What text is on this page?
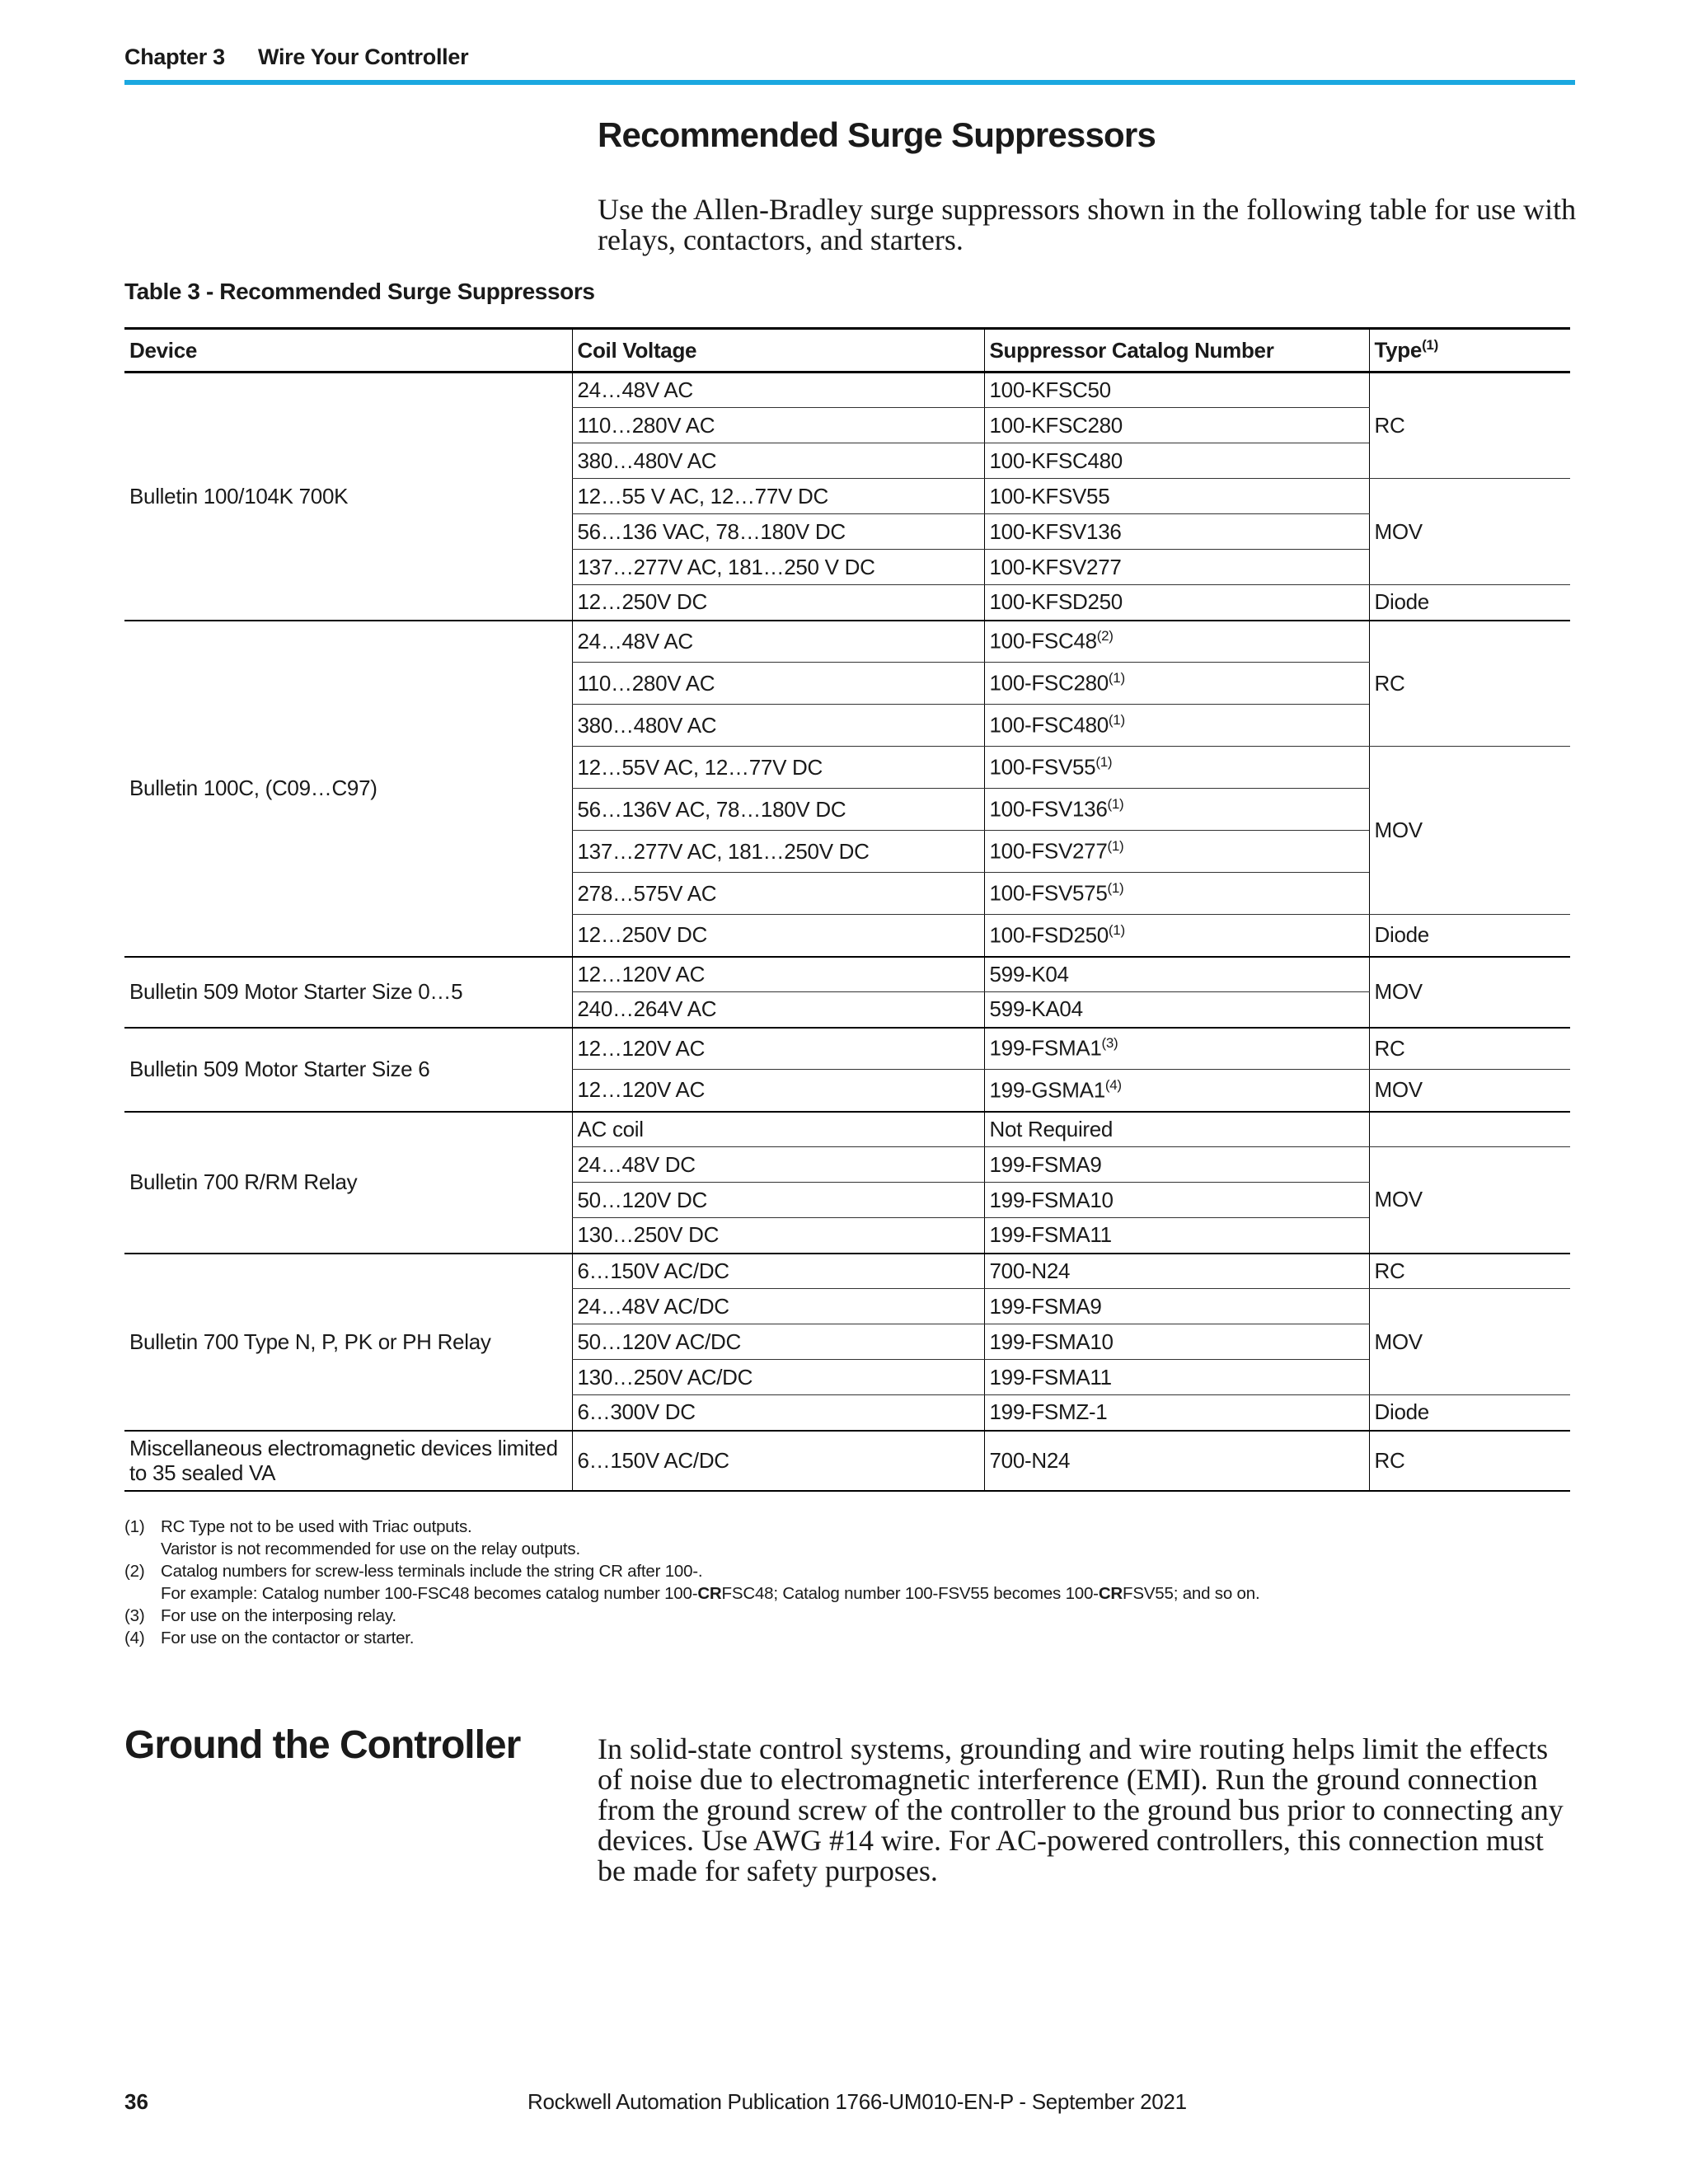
Chapter 3 Wire Your Controller
Recommended Surge Suppressors
Use the Allen-Bradley surge suppressors shown in the following table for use with relays, contactors, and starters.
Table 3 - Recommended Surge Suppressors
Device	Coil Voltage	Suppressor Catalog Number	Type$^{(1)}$
Bulletin 100/104K 700K	24…48V AC	100-KFSC50	RC
	110…280V AC	100-KFSC280	
	380…480V AC	100-KFSC480	
	12…55 V AC, 12…77V DC	100-KFSV55	MOV
	56…136 VAC, 78…180V DC	100-KFSV136	
	137…277V AC, 181…250 V DC	100-KFSV277	
	12…250V DC	100-KFSD250	Diode
Bulletin 100C, (C09…C97)	24…48V AC	100-FSC48$^{(2)}$	RC
	110…280V AC	100-FSC280$^{(1)}$
	380…480V AC	100-FSC480$^{(1)}$
	12…55V AC, 12…77V DC	100-FSV55$^{(1)}$	MOV
	56…136V AC, 78…180V DC	100-FSV136$^{(1)}$
	137…277V AC, 181…250V DC	100-FSV277$^{(1)}$
	278…575V AC	100-FSV575$^{(1)}$
	12…250V DC	100-FSD250$^{(1)}$	Diode
Bulletin 509 Motor Starter Size 0…5	12…120V AC	599-K04	MOV
	240…264V AC	599-KA04	
Bulletin 509 Motor Starter Size 6	12…120V AC	199-FSMA1$^{(3)}$	RC
	12…120V AC	199-GSMA1$^{(4)}$	MOV
Bulletin 700 R/RM Relay	AC coil	Not Required	
	24…48V DC	199-FSMA9	MOV
	50…120V DC	199-FSMA10	
	130…250V DC	199-FSMA11	
Bulletin 700 Type N, P, PK or PH Relay	6…150V AC/DC	700-N24	RC
	24…48V AC/DC	199-FSMA9	MOV
	50…120V AC/DC	199-FSMA10	
	130…250V AC/DC	199-FSMA11	
	6…300V DC	199-FSMZ-1	Diode
Miscellaneous electromagnetic devices limited to 35 sealed VA	6…150V AC/DC	700-N24	RC
(1) RC Type not to be used with Triac outputs.
Varistor is not recommended for use on the relay outputs.
(2) Catalog numbers for screw-less terminals include the string CR after 100-.
For example: Catalog number 100-FSC48 becomes catalog number 100-CRFSC48; Catalog number 100-FSV55 becomes 100-CRFSV55; and so on.
(3) For use on the interposing relay.
(4) For use on the contactor or starter.
Ground the Controller	In solid-state control systems, grounding and wire routing helps limit the effects of noise due to electromagnetic interference (EMI). Run the ground connection from the ground screw of the controller to the ground bus prior to connecting any devices. Use AWG #14 wire. For AC-powered controllers, this connection must be made for safety purposes.
36	Rockwell Automation Publication 1766-UM010-EN-P - September 2021
